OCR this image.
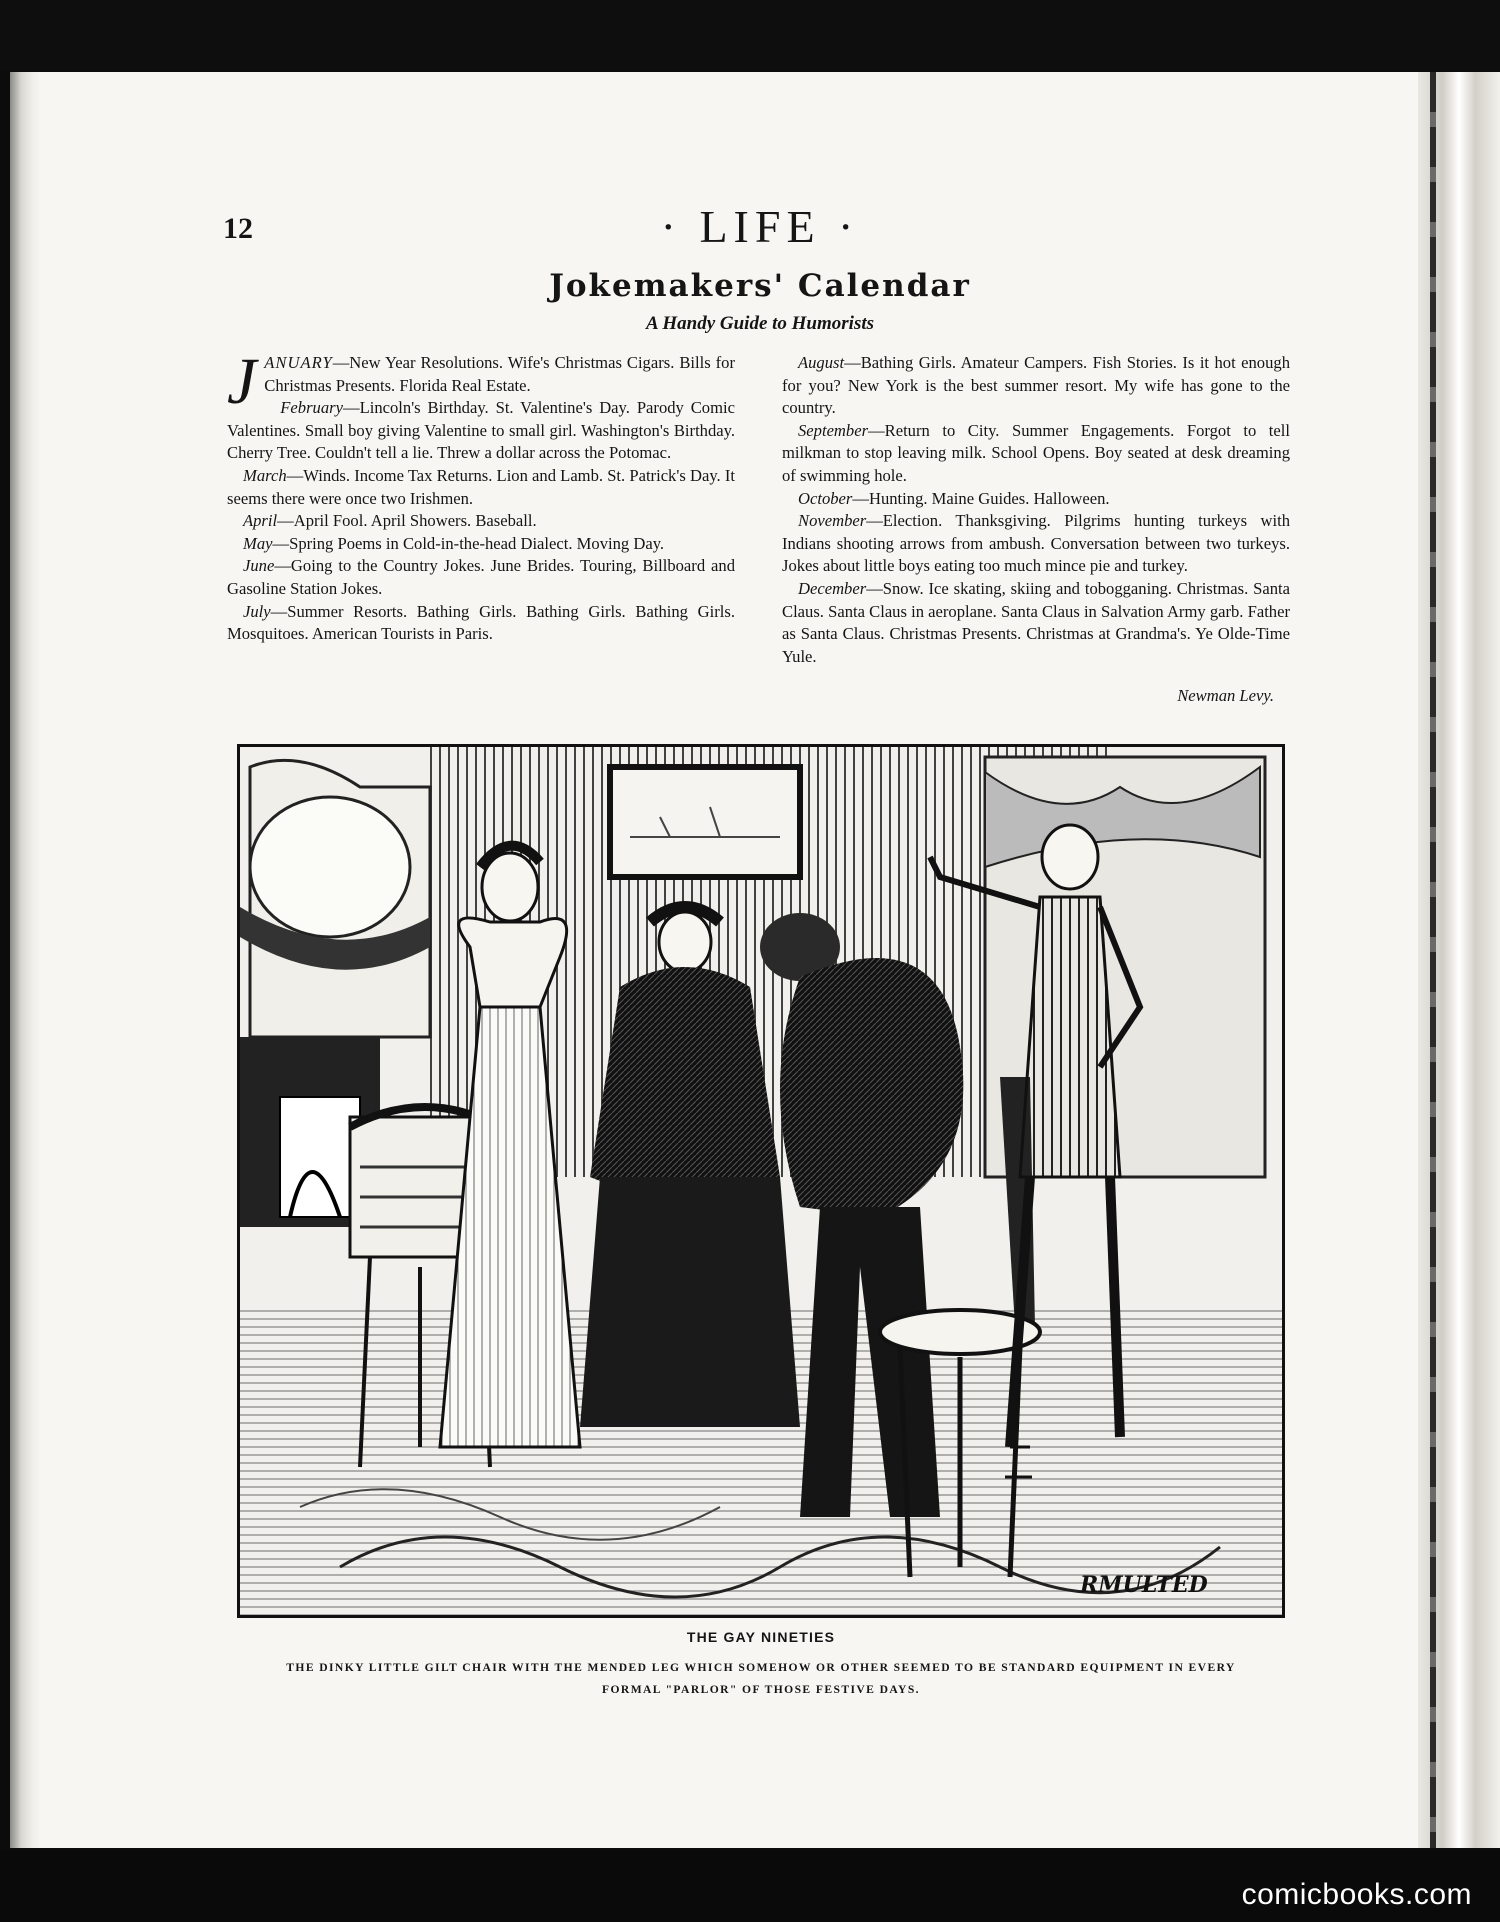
12	· LIFE ·
Jokemakers' Calendar
A Handy Guide to Humorists

JANUARY—New Year Resolutions. Wife's Christmas Cigars. Bills for Christmas Presents. Florida Real Estate.

February—Lincoln's Birthday. St. Valentine's Day. Parody Comic Valentines. Small boy giving Valentine to small girl. Washington's Birthday. Cherry Tree. Couldn't tell a lie. Threw a dollar across the Potomac.

March—Winds. Income Tax Returns. Lion and Lamb. St. Patrick's Day. It seems there were once two Irishmen.

April—April Fool. April Showers. Baseball.

May—Spring Poems in Cold-in-the-head Dialect. Moving Day.

June—Going to the Country Jokes. June Brides. Touring, Billboard and Gasoline Station Jokes.

July—Summer Resorts. Bathing Girls. Bathing Girls. Bathing Girls. Mosquitoes. American Tourists in Paris.

August—Bathing Girls. Amateur Campers. Fish Stories. Is it hot enough for you? New York is the best summer resort. My wife has gone to the country.

September—Return to City. Summer Engagements. Forgot to tell milkman to stop leaving milk. School Opens. Boy seated at desk dreaming of swimming hole.

October—Hunting. Maine Guides. Halloween.

November—Election. Thanksgiving. Pilgrims hunting turkeys with Indians shooting arrows from ambush. Conversation between two turkeys. Jokes about little boys eating too much mince pie and turkey.

December—Snow. Ice skating, skiing and tobogganing. Christmas. Santa Claus. Santa Claus in aeroplane. Santa Claus in Salvation Army garb. Father as Santa Claus. Christmas Presents. Christmas at Grandma's. Ye Olde-Time Yule.

Newman Levy.

RMULTED
THE GAY NINETIES
THE DINKY LITTLE GILT CHAIR WITH THE MENDED LEG WHICH SOMEHOW OR OTHER SEEMED TO BE STANDARD EQUIPMENT IN EVERY FORMAL "PARLOR" OF THOSE FESTIVE DAYS.
comicbooks.com
